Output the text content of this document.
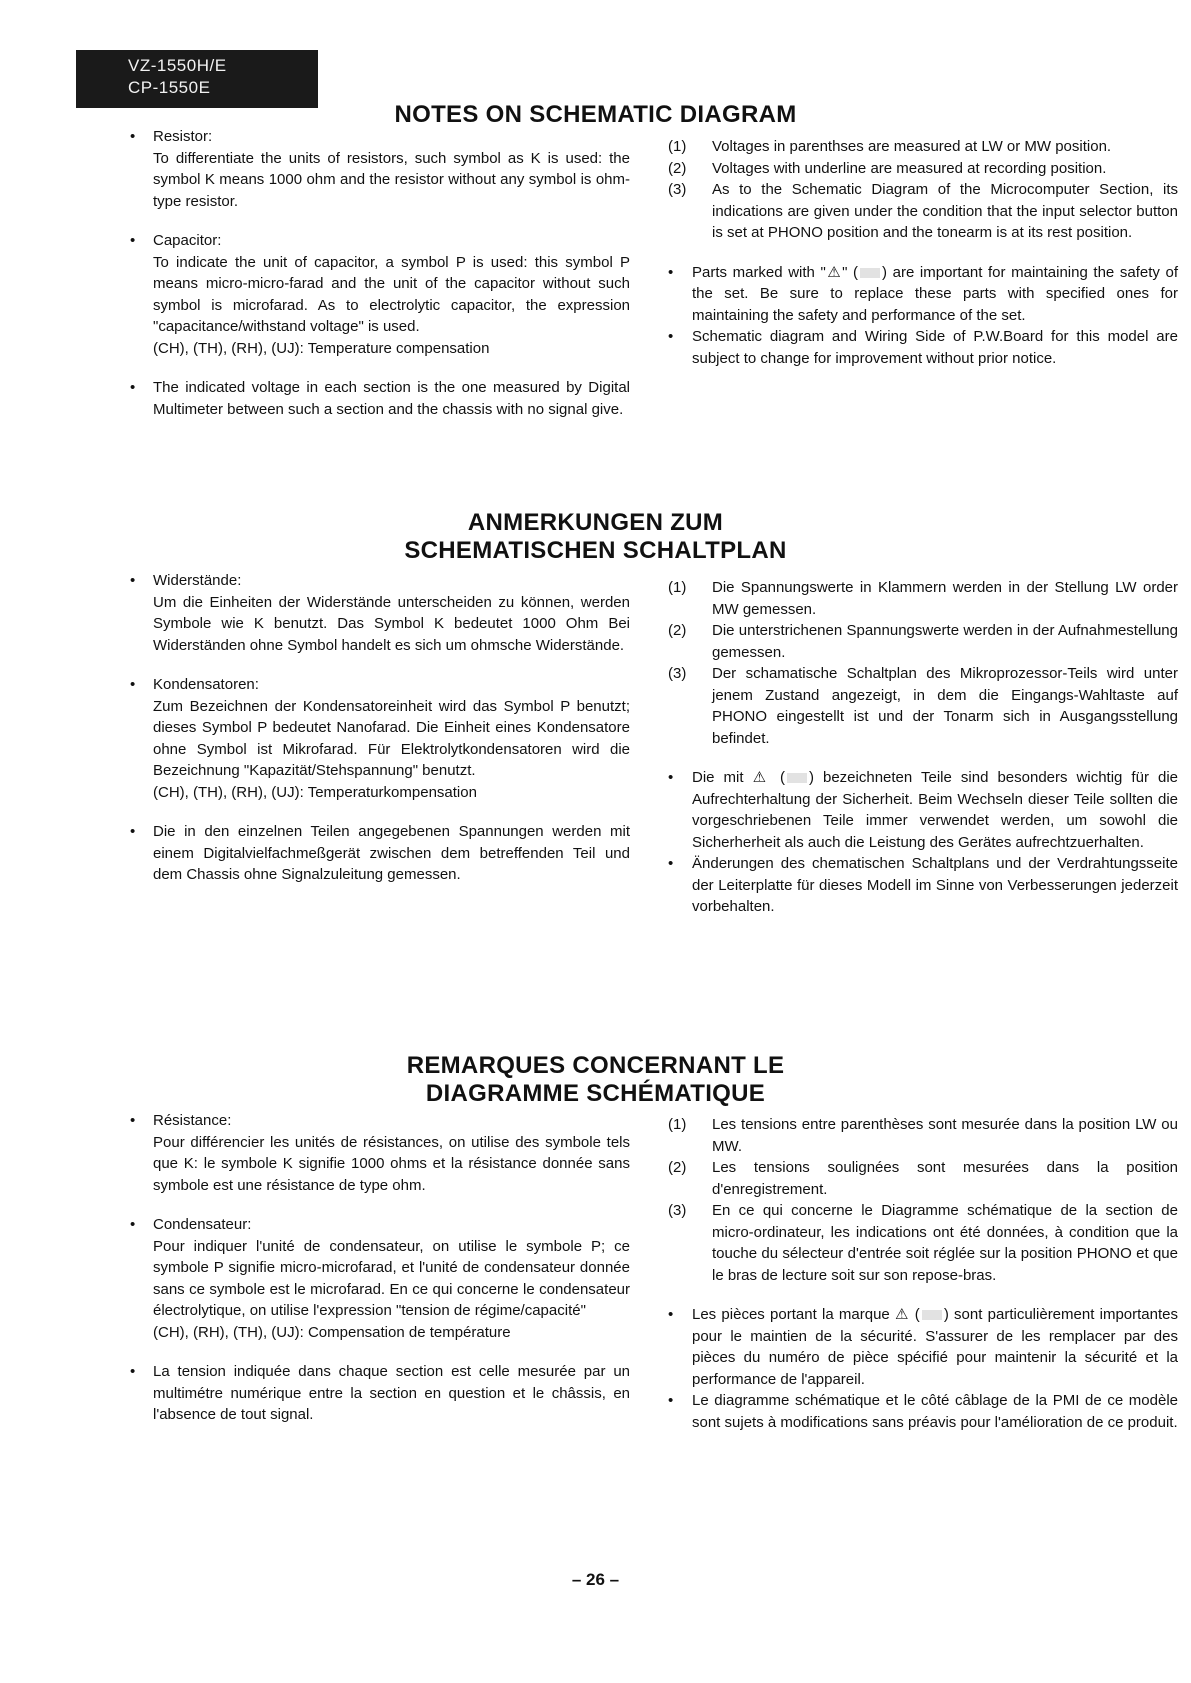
VZ-1550H/E
CP-1550E
NOTES ON SCHEMATIC DIAGRAM
• Resistor:

To differentiate the units of resistors, such symbol as K is used: the symbol K means 1000 ohm and the resistor without any symbol is ohm-type resistor.

• Capacitor:

To indicate the unit of capacitor, a symbol P is used: this symbol P means micro-micro-farad and the unit of the capacitor without such symbol is microfarad. As to electrolytic capacitor, the expression "capacitance/withstand voltage" is used.

(CH), (TH), (RH), (UJ): Temperature compensation

• The indicated voltage in each section is the one measured by Digital Multimeter between such a section and the chassis with no signal give.

(1) Voltages in parenthses are measured at LW or MW position.

(2) Voltages with underline are measured at recording position.

(3) As to the Schematic Diagram of the Microcomputer Section, its indications are given under the condition that the input selector button is set at PHONO position and the tonearm is at its rest position.

• Parts marked with "⚠" ( ) are important for maintaining the safety of the set. Be sure to replace these parts with specified ones for maintaining the safety and performance of the set.

• Schematic diagram and Wiring Side of P.W.Board for this model are subject to change for improvement without prior notice.

ANMERKUNGEN ZUM
SCHEMATISCHEN SCHALTPLAN
• Widerstände:

Um die Einheiten der Widerstände unterscheiden zu können, werden Symbole wie K benutzt. Das Symbol K bedeutet 1000 Ohm Bei Widerständen ohne Symbol handelt es sich um ohmsche Widerstände.

• Kondensatoren:

Zum Bezeichnen der Kondensatoreinheit wird das Symbol P benutzt; dieses Symbol P bedeutet Nanofarad. Die Einheit eines Kondensatore ohne Symbol ist Mikrofarad. Für Elektrolytkondensatoren wird die Bezeichnung "Kapazität/Stehspannung" benutzt.

(CH), (TH), (RH), (UJ): Temperaturkompensation

• Die in den einzelnen Teilen angegebenen Spannungen werden mit einem Digitalvielfachmeßgerät zwischen dem betreffenden Teil und dem Chassis ohne Signalzuleitung gemessen.

(1) Die Spannungswerte in Klammern werden in der Stellung LW order MW gemessen.

(2) Die unterstrichenen Spannungswerte werden in der Aufnahmestellung gemessen.

(3) Der schamatische Schaltplan des Mikroprozessor-Teils wird unter jenem Zustand angezeigt, in dem die Eingangs-Wahltaste auf PHONO eingestellt ist und der Tonarm sich in Ausgangsstellung befindet.

• Die mit ⚠ ( ) bezeichneten Teile sind besonders wichtig für die Aufrechterhaltung der Sicherheit. Beim Wechseln dieser Teile sollten die vorgeschriebenen Teile immer verwendet werden, um sowohl die Sicherherheit als auch die Leistung des Gerätes aufrechtzuerhalten.

• Änderungen des chematischen Schaltplans und der Verdrahtungsseite der Leiterplatte für dieses Modell im Sinne von Verbesserungen jederzeit vorbehalten.

REMARQUES CONCERNANT LE
DIAGRAMME SCHÉMATIQUE
• Résistance:

Pour différencier les unités de résistances, on utilise des symbole tels que K: le symbole K signifie 1000 ohms et la résistance donnée sans symbole est une résistance de type ohm.

• Condensateur:

Pour indiquer l'unité de condensateur, on utilise le symbole P; ce symbole P signifie micro-microfarad, et l'unité de condensateur donnée sans ce symbole est le microfarad. En ce qui concerne le condensateur électrolytique, on utilise l'expression "tension de régime/capacité"

(CH), (RH), (TH), (UJ): Compensation de température

• La tension indiquée dans chaque section est celle mesurée par un multimétre numérique entre la section en question et le châssis, en l'absence de tout signal.

(1) Les tensions entre parenthèses sont mesurée dans la position LW ou MW.

(2) Les tensions soulignées sont mesurées dans la position d'enregistrement.

(3) En ce qui concerne le Diagramme schématique de la section de micro-ordinateur, les indications ont été données, à condition que la touche du sélecteur d'entrée soit réglée sur la position PHONO et que le bras de lecture soit sur son repose-bras.

• Les pièces portant la marque ⚠ ( ) sont particulièrement importantes pour le maintien de la sécurité. S'assurer de les remplacer par des pièces du numéro de pièce spécifié pour maintenir la sécurité et la performance de l'appareil.

• Le diagramme schématique et le côté câblage de la PMI de ce modèle sont sujets à modifications sans préavis pour l'amélioration de ce produit.

– 26 –
